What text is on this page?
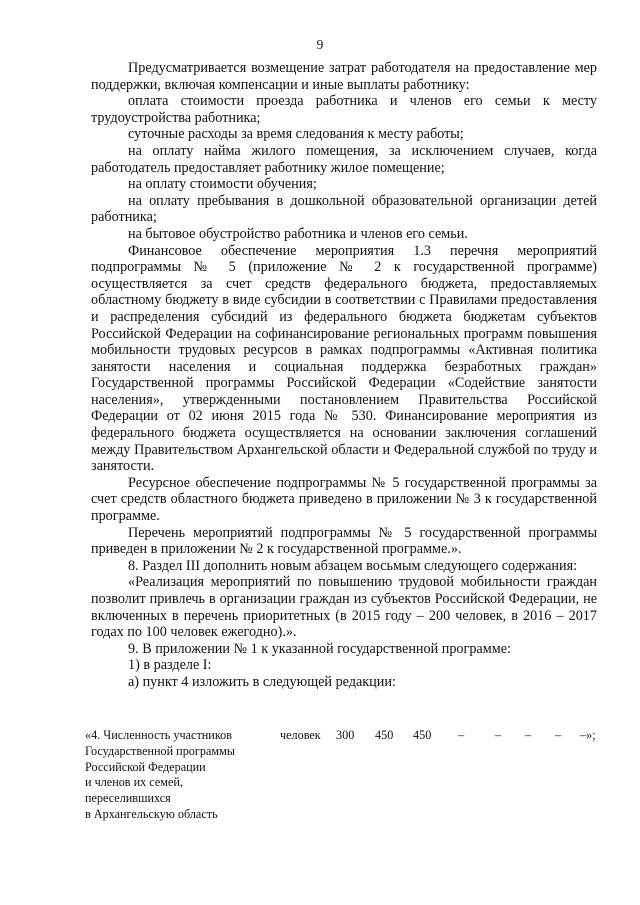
9

Предусматривается возмещение затрат работодателя на предоставление мер поддержки, включая компенсации и иные выплаты работнику:

оплата стоимости проезда работника и членов его семьи к месту трудоустройства работника;

суточные расходы за время следования к месту работы;

на оплату найма жилого помещения, за исключением случаев, когда работодатель предоставляет работнику жилое помещение;

на оплату стоимости обучения;

на оплату пребывания в дошкольной образовательной организации детей работника;

на бытовое обустройство работника и членов его семьи.

Финансовое обеспечение мероприятия 1.3 перечня мероприятий подпрограммы № 5 (приложение № 2 к государственной программе) осуществляется за счет средств федерального бюджета, предоставляемых областному бюджету в виде субсидии в соответствии с Правилами предоставления и распределения субсидий из федерального бюджета бюджетам субъектов Российской Федерации на софинансирование региональных программ повышения мобильности трудовых ресурсов в рамках подпрограммы «Активная политика занятости населения и социальная поддержка безработных граждан» Государственной программы Российской Федерации «Содействие занятости населения», утвержденными постановлением Правительства Российской Федерации от 02 июня 2015 года № 530. Финансирование мероприятия из федерального бюджета осуществляется на основании заключения соглашений между Правительством Архангельской области и Федеральной службой по труду и занятости.

Ресурсное обеспечение подпрограммы № 5 государственной программы за счет средств областного бюджета приведено в приложении № 3 к государственной программе.

Перечень мероприятий подпрограммы № 5 государственной программы приведен в приложении № 2 к государственной программе.».

8. Раздел III дополнить новым абзацем восьмым следующего содержания:

«Реализация мероприятий по повышению трудовой мобильности граждан позволит привлечь в организации граждан из субъектов Российской Федерации, не включенных в перечень приоритетных (в 2015 году – 200 человек, в 2016 – 2017 годах по 100 человек ежегодно).».

9. В приложении № 1 к указанной государственной программе:

1) в разделе I:

а) пункт 4 изложить в следующей редакции:

«4. Численность участников
Государственной программы
Российской Федерации
и членов их семей,
переселившихся
в Архангельскую область
человек 300 450 450 –	– – – –»;
